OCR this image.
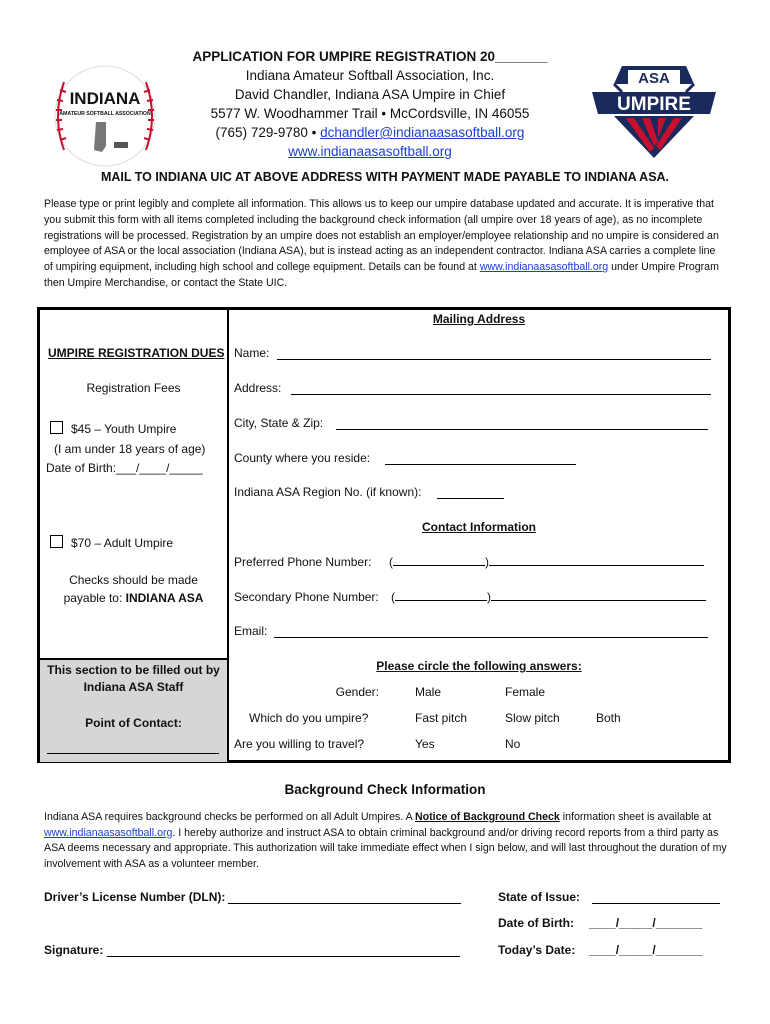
INDIANA
AMATEUR SOFTBALL ASSOCIATION
ASA
UMPIRE
APPLICATION FOR UMPIRE REGISTRATION 20_______
Indiana Amateur Softball Association, Inc.
David Chandler, Indiana ASA Umpire in Chief
5577 W. Woodhammer Trail • McCordsville, IN 46055
(765) 729-9780 • dchandler@indianaasasoftball.org
www.indianaasasoftball.org
MAIL TO INDIANA UIC AT ABOVE ADDRESS WITH PAYMENT MADE PAYABLE TO INDIANA ASA.
Please type or print legibly and complete all information. This allows us to keep our umpire database updated and accurate. It is imperative that you submit this form with all items completed including the background check information (all umpire over 18 years of age), as no incomplete registrations will be processed. Registration by an umpire does not establish an employer/employee relationship and no umpire is considered an employee of ASA or the local association (Indiana ASA), but is instead acting as an independent contractor. Indiana ASA carries a complete line of umpiring equipment, including high school and college equipment. Details can be found at www.indianaasasoftball.org under Umpire Program then Umpire Merchandise, or contact the State UIC.
UMPIRE REGISTRATION DUES
Registration Fees
$45 – Youth Umpire
(I am under 18 years of age)
Date of Birth:___/____/_____
$70 – Adult Umpire
Checks should be made
payable to: INDIANA ASA
This section to be filled out by
Indiana ASA Staff
Point of Contact:
Mailing Address
Name:
Address:
City, State & Zip:
County where you reside:
Indiana ASA Region No. (if known):
Contact Information
Preferred Phone Number: (	)
Secondary Phone Number: (	)
Email:
Please circle the following answers:
Gender:	Male	Female
Which do you umpire?	Fast pitch	Slow pitch	Both
Are you willing to travel?	Yes	No
Background Check Information
Indiana ASA requires background checks be performed on all Adult Umpires. A Notice of Background Check information sheet is available at www.indianaasasoftball.org. I hereby authorize and instruct ASA to obtain criminal background and/or driving record reports from a third party as ASA deems necessary and appropriate. This authorization will take immediate effect when I sign below, and will last throughout the duration of my involvement with ASA as a volunteer member.
Driver’s License Number (DLN):	State of Issue:
Date of Birth: ____/_____/_______
Signature:	Today’s Date: ____/_____/_______
